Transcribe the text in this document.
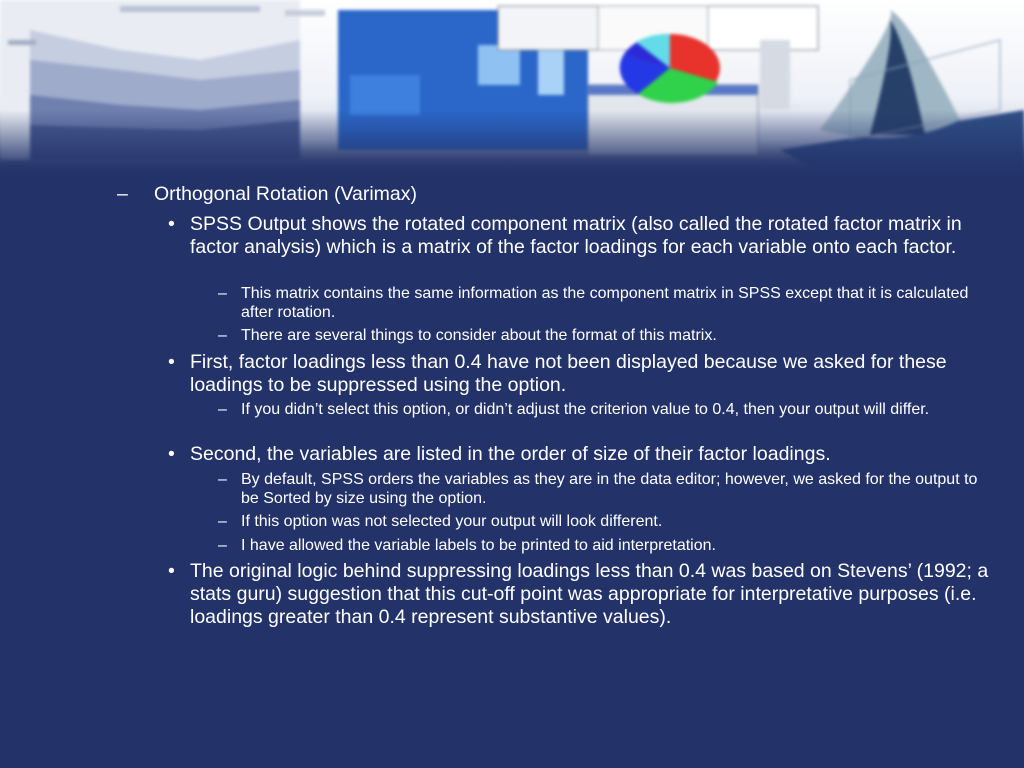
– Orthogonal Rotation (Varimax)
• SPSS Output shows the rotated component matrix (also called the rotated factor matrix in factor analysis) which is a matrix of the factor loadings for each variable onto each factor.
– This matrix contains the same information as the component matrix in SPSS except that it is calculated after rotation.
– There are several things to consider about the format of this matrix.
• First, factor loadings less than 0.4 have not been displayed because we asked for these loadings to be suppressed using the option.
– If you didn’t select this option, or didn’t adjust the criterion value to 0.4, then your output will differ.
• Second, the variables are listed in the order of size of their factor loadings.
– By default, SPSS orders the variables as they are in the data editor; however, we asked for the output to be Sorted by size using the option.
– If this option was not selected your output will look different.
– I have allowed the variable labels to be printed to aid interpretation.
• The original logic behind suppressing loadings less than 0.4 was based on Stevens’ (1992; a stats guru) suggestion that this cut-off point was appropriate for interpretative purposes (i.e. loadings greater than 0.4 represent substantive values).
